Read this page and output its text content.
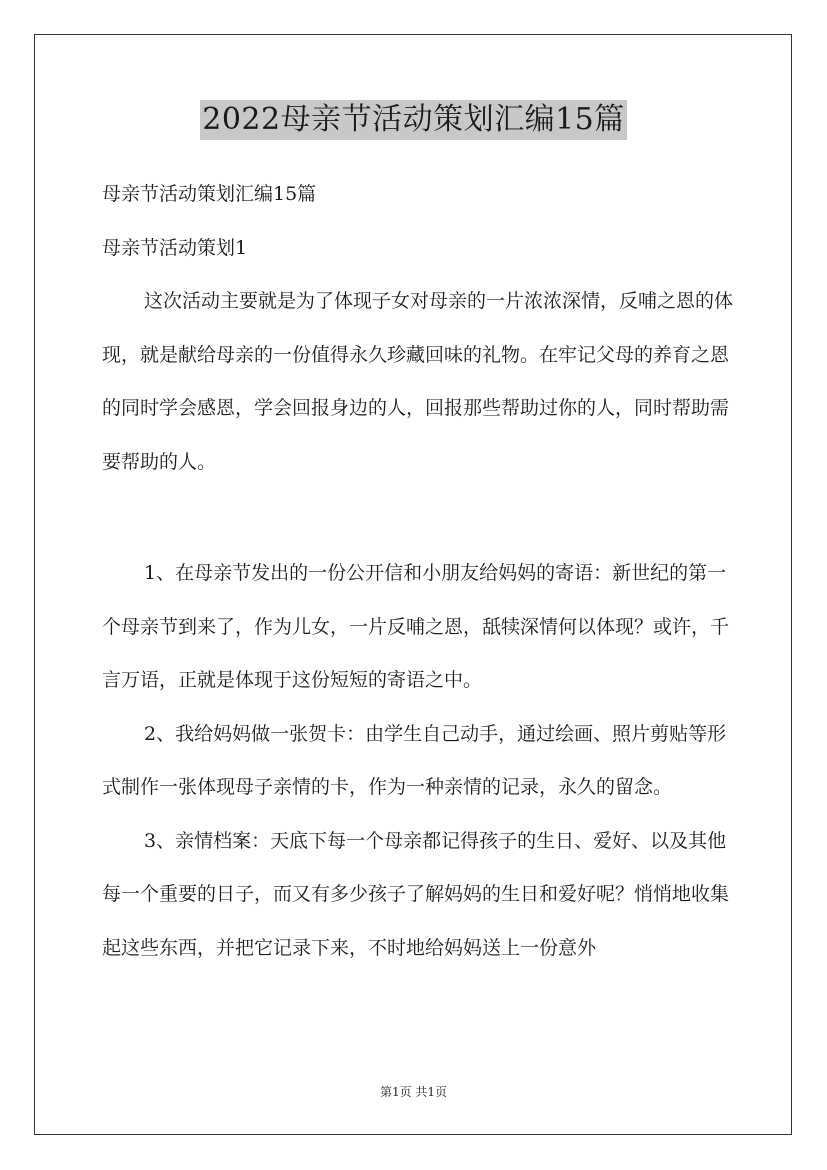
2022母亲节活动策划汇编15篇

母亲节活动策划汇编15篇

母亲节活动策划1

这次活动主要就是为了体现子女对母亲的一片浓浓深情，反哺之恩的体现，就是献给母亲的一份值得永久珍藏回味的礼物。在牢记父母的养育之恩的同时学会感恩，学会回报身边的人，回报那些帮助过你的人，同时帮助需要帮助的人。

1、在母亲节发出的一份公开信和小朋友给妈妈的寄语：新世纪的第一个母亲节到来了，作为儿女，一片反哺之恩，舐犊深情何以体现？或许，千言万语，正就是体现于这份短短的寄语之中。

2、我给妈妈做一张贺卡：由学生自己动手，通过绘画、照片剪贴等形式制作一张体现母子亲情的卡，作为一种亲情的记录，永久的留念。

3、亲情档案：天底下每一个母亲都记得孩子的生日、爱好、以及其他每一个重要的日子，而又有多少孩子了解妈妈的生日和爱好呢？悄悄地收集起这些东西，并把它记录下来，不时地给妈妈送上一份意外

第1页 共1页
